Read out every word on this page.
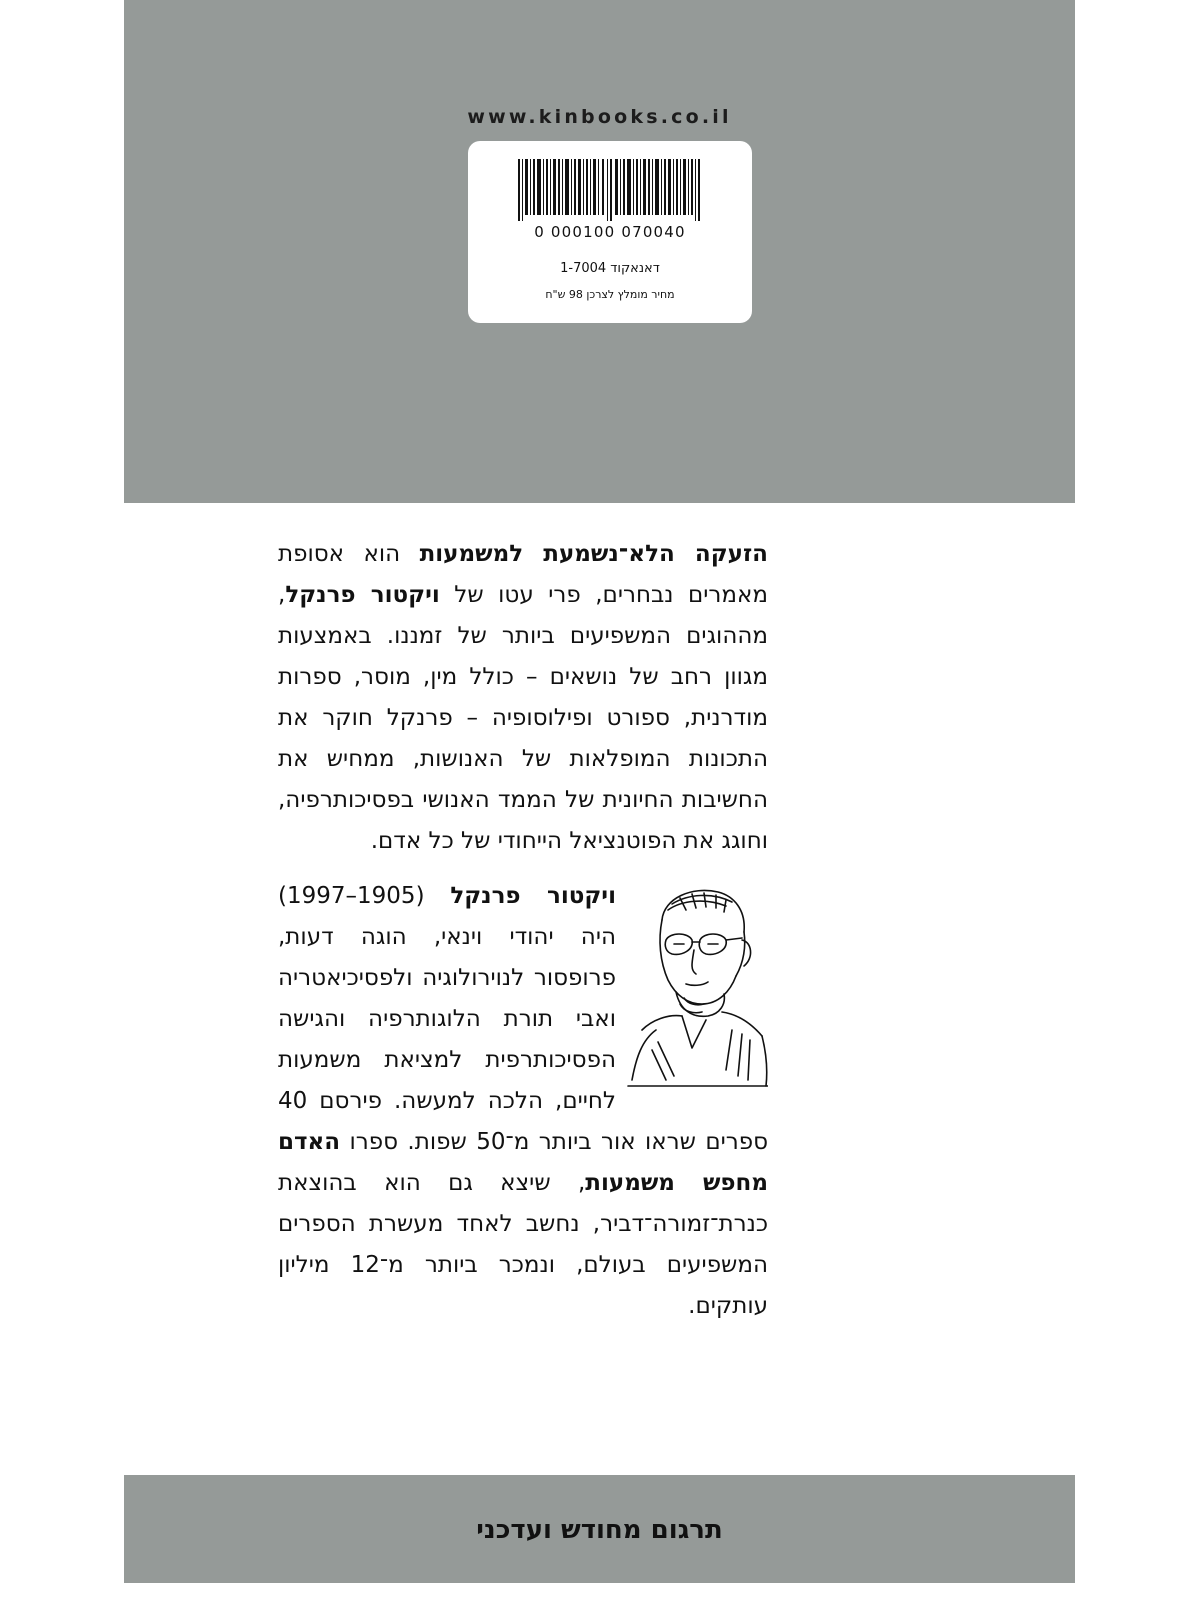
www.kinbooks.co.il
0 000100 070040
דאנאקוד 1-7004
מחיר מומלץ לצרכן 98 ש"ח

הזעקה הלא־נשמעת למשמעות הוא אסופת מאמרים נבחרים, פרי עטו של ויקטור פרנקל, מההוגים המשפיעים ביותר של זמננו. באמצעות מגוון רחב של נושאים – כולל מין, מוסר, ספרות מודרנית, ספורט ופילוסופיה – פרנקל חוקר את התכונות המופלאות של האנושות, ממחיש את החשיבות החיונית של הממד האנושי בפסיכותרפיה, וחוגג את הפוטנציאל הייחודי של כל אדם.

ויקטור פרנקל (1905–1997) היה יהודי וינאי, הוגה דעות, פרופסור לנוירולוגיה ולפסיכיאטריה ואבי תורת הלוגותרפיה והגישה הפסיכותרפית למציאת משמעות לחיים, הלכה למעשה. פירסם 40 ספרים שראו אור ביותר מ־50 שפות. ספרו האדם מחפש משמעות, שיצא גם הוא בהוצאת כנרת־זמורה־דביר, נחשב לאחד מעשרת הספרים המשפיעים בעולם, ונמכר ביותר מ־12 מיליון עותקים.

תרגום מחודש ועדכני
